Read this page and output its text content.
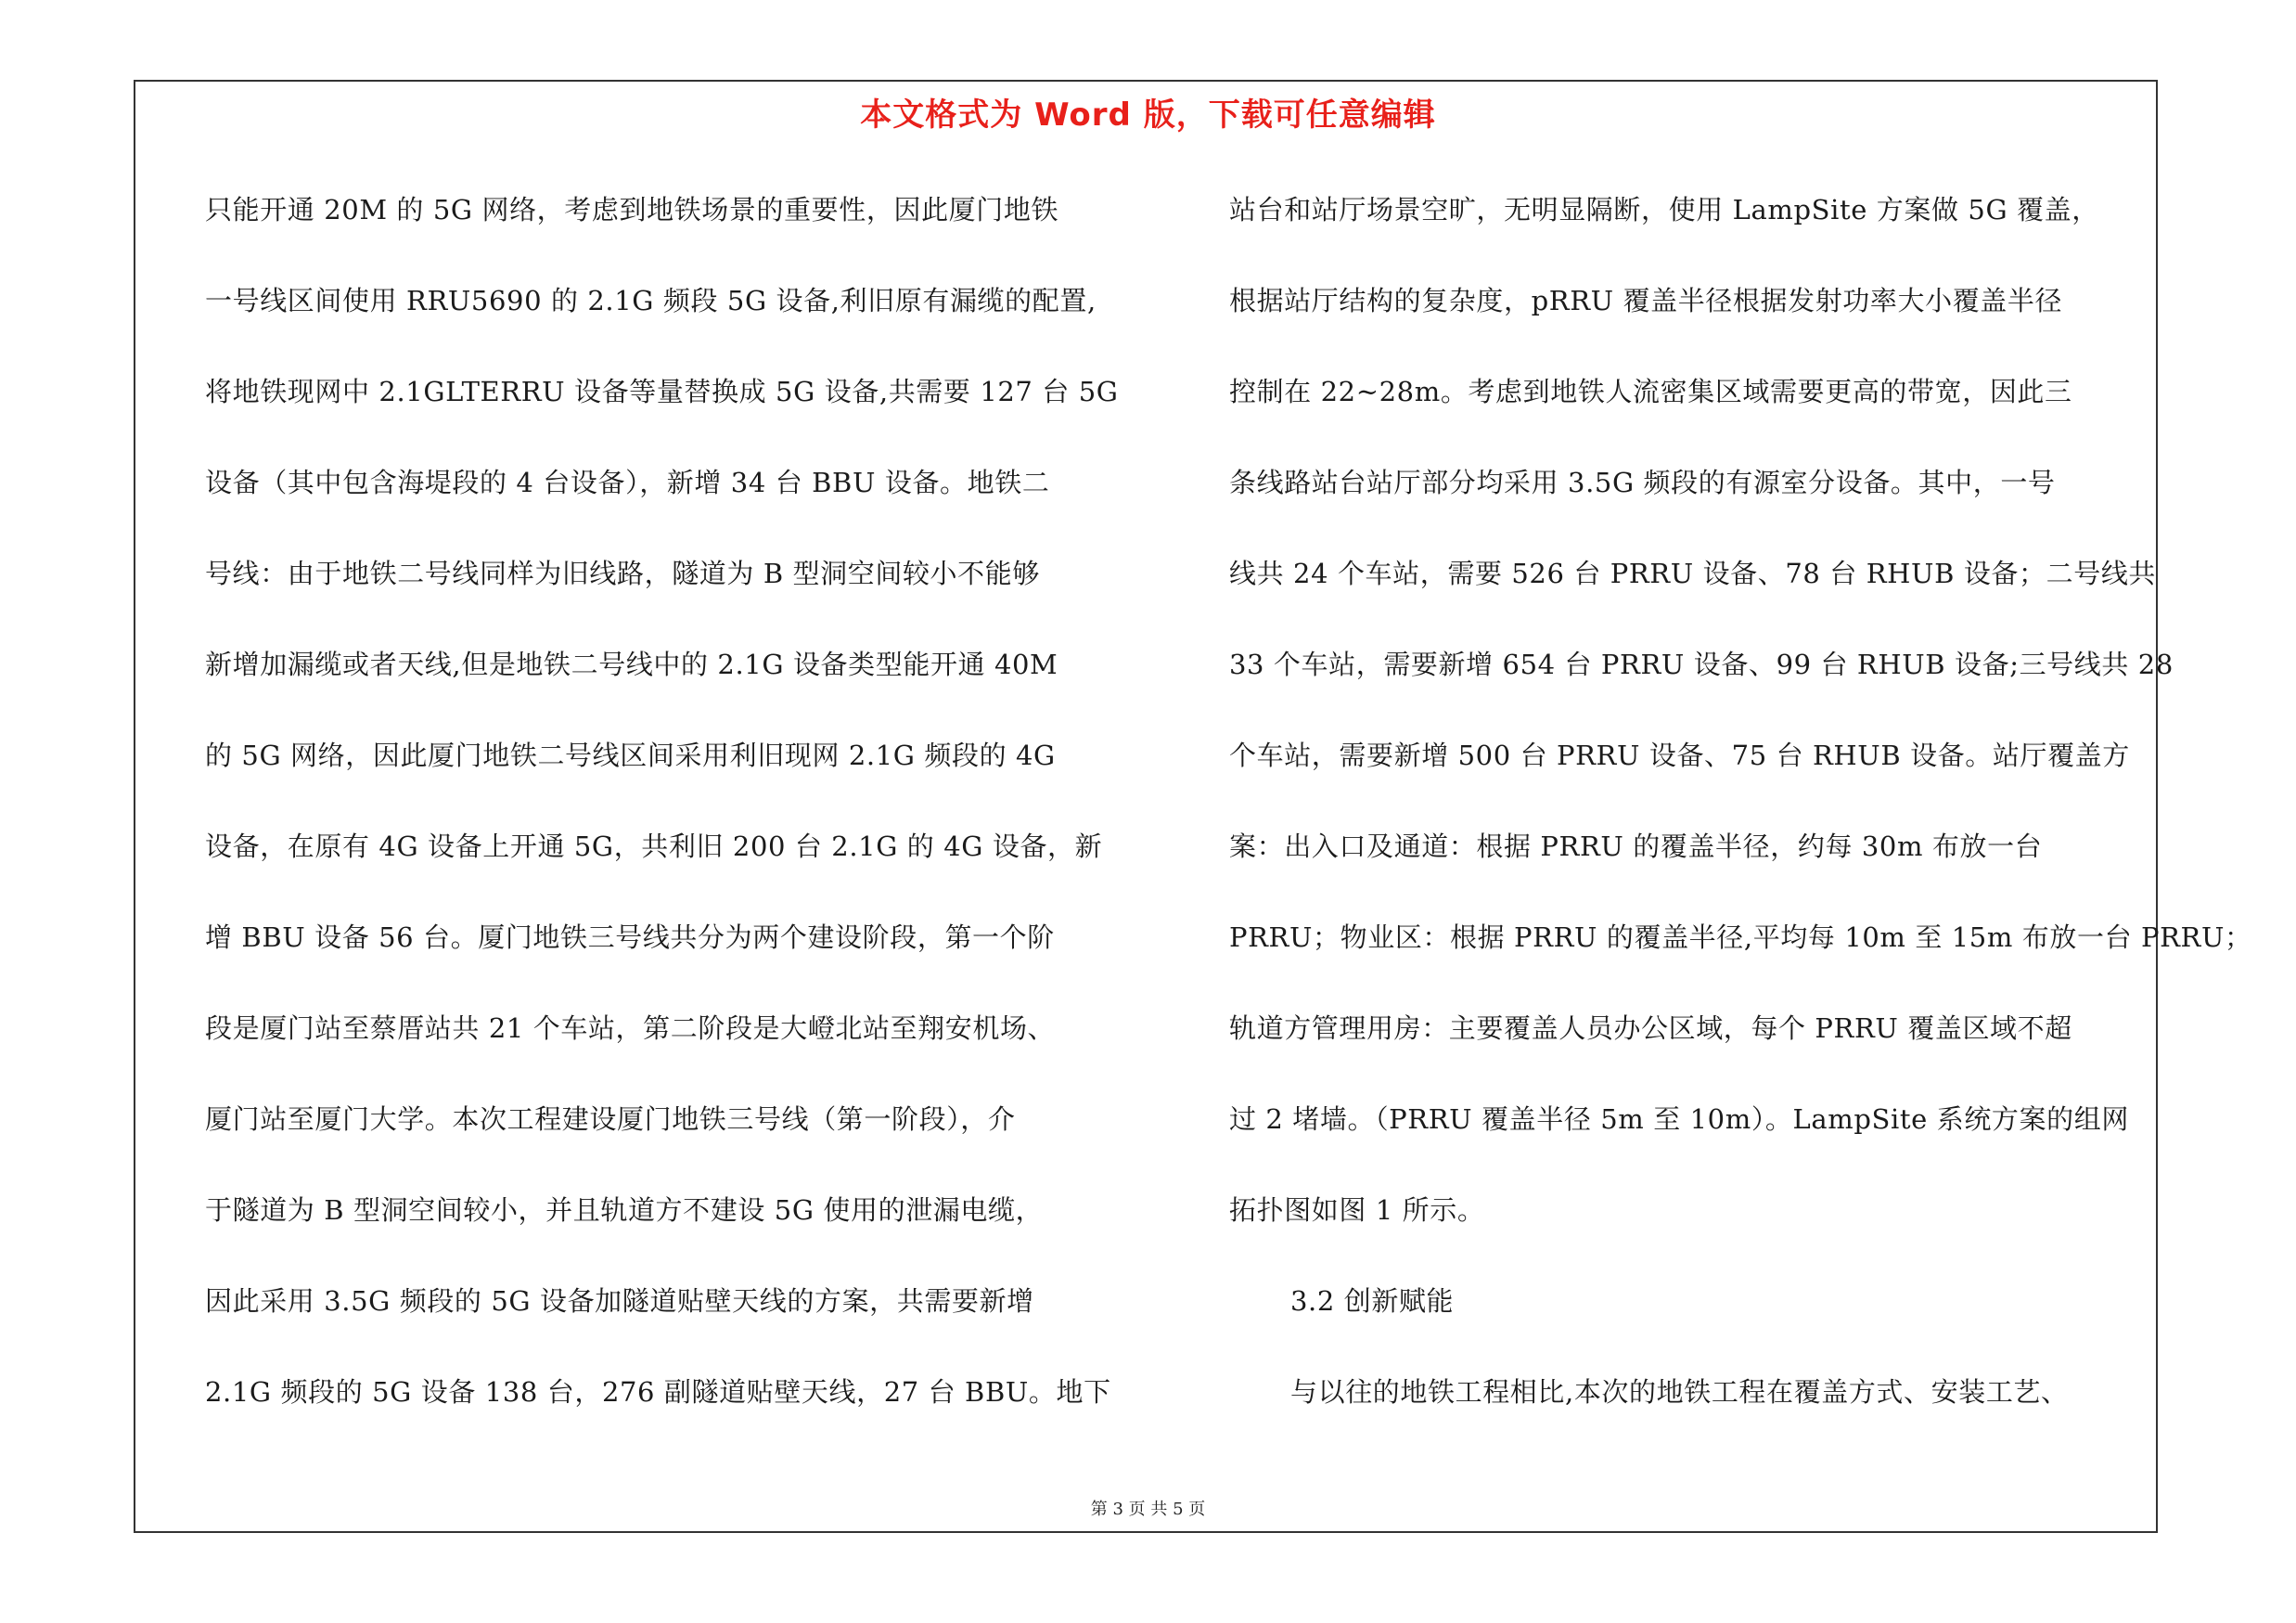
本文格式为 Word 版，下载可任意编辑
只能开通 20M 的 5G 网络，考虑到地铁场景的重要性，因此厦门地铁
一号线区间使用 RRU5690 的 2.1G 频段 5G 设备,利旧原有漏缆的配置,
将地铁现网中 2.1GLTERRU 设备等量替换成 5G 设备,共需要 127 台 5G
设备（其中包含海堤段的 4 台设备），新增 34 台 BBU 设备。地铁二
号线：由于地铁二号线同样为旧线路，隧道为 B 型洞空间较小不能够
新增加漏缆或者天线,但是地铁二号线中的 2.1G 设备类型能开通 40M
的 5G 网络，因此厦门地铁二号线区间采用利旧现网 2.1G 频段的 4G
设备，在原有 4G 设备上开通 5G，共利旧 200 台 2.1G 的 4G 设备，新
增 BBU 设备 56 台。厦门地铁三号线共分为两个建设阶段，第一个阶
段是厦门站至蔡厝站共 21 个车站，第二阶段是大嶝北站至翔安机场、
厦门站至厦门大学。本次工程建设厦门地铁三号线（第一阶段），介
于隧道为 B 型洞空间较小，并且轨道方不建设 5G 使用的泄漏电缆，
因此采用 3.5G 频段的 5G 设备加隧道贴壁天线的方案，共需要新增
2.1G 频段的 5G 设备 138 台，276 副隧道贴壁天线，27 台 BBU。地下
站台和站厅场景空旷，无明显隔断，使用 LampSite 方案做 5G 覆盖，
根据站厅结构的复杂度，pRRU 覆盖半径根据发射功率大小覆盖半径
控制在 22~28m。考虑到地铁人流密集区域需要更高的带宽，因此三
条线路站台站厅部分均采用 3.5G 频段的有源室分设备。其中，一号
线共 24 个车站，需要 526 台 PRRU 设备、78 台 RHUB 设备；二号线共
33 个车站，需要新增 654 台 PRRU 设备、99 台 RHUB 设备;三号线共 28
个车站，需要新增 500 台 PRRU 设备、75 台 RHUB 设备。站厅覆盖方
案：出入口及通道：根据 PRRU 的覆盖半径，约每 30m 布放一台
PRRU；物业区：根据 PRRU 的覆盖半径,平均每 10m 至 15m 布放一台 PRRU；
轨道方管理用房：主要覆盖人员办公区域，每个 PRRU 覆盖区域不超
过 2 堵墙。（PRRU 覆盖半径 5m 至 10m）。LampSite 系统方案的组网
拓扑图如图 1 所示。
3.2 创新赋能
与以往的地铁工程相比,本次的地铁工程在覆盖方式、安装工艺、
第 3 页 共 5 页
